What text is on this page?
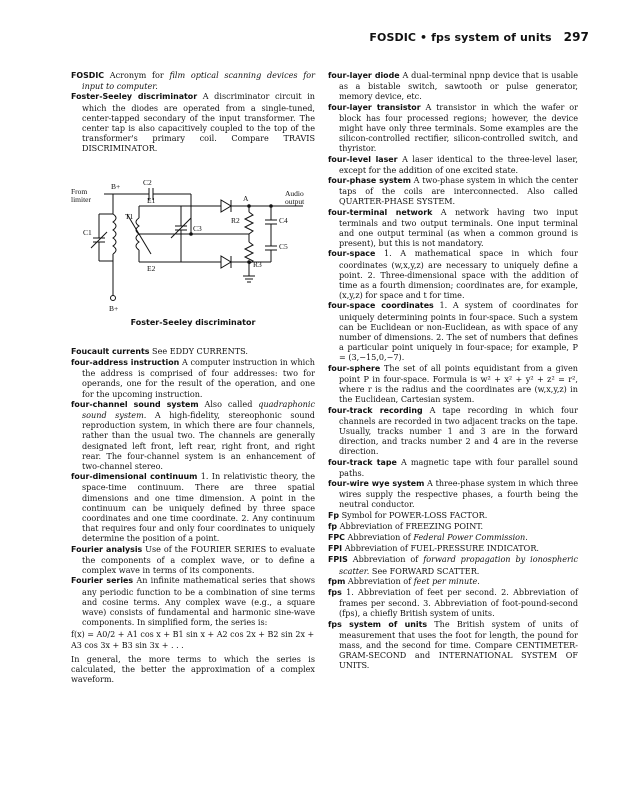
FOSDIC • fps system of units 297

FOSDIC Acronym for film optical scanning devices for input to computer.

Foster-Seeley discriminator A discriminator circuit in which the diodes are operated from a single-tuned, center-tapped secondary of the input transformer. The center tap is also capacitively coupled to the top of the transformer's primary coil. Compare TRAVIS DISCRIMINATOR.

From limiter
B+	C2
T1
E1
C1	C3
E2
B+
A
R2	C4
C5
R3
Audio output

Foster-Seeley discriminator

Foucault currents See EDDY CURRENTS.

four-address instruction A computer instruction in which the address is comprised of four addresses: two for operands, one for the result of the operation, and one for the upcoming instruction.

four-channel sound system Also called quadraphonic sound system. A high-fidelity, stereophonic sound reproduction system, in which there are four channels, rather than the usual two. The channels are generally designated left front, left rear, right front, and right rear. The four-channel system is an enhancement of two-channel stereo.

four-dimensional continuum 1. In relativistic theory, the space-time continuum. There are three spatial dimensions and one time dimension. A point in the continuum can be uniquely defined by three space coordinates and one time coordinate. 2. Any continuum that requires four and only four coordinates to uniquely determine the position of a point.

Fourier analysis Use of the FOURIER SERIES to evaluate the components of a complex wave, or to define a complex wave in terms of its components.

Fourier series An infinite mathematical series that shows any periodic function to be a combination of sine terms and cosine terms. Any complex wave (e.g., a square wave) consists of fundamental and harmonic sine-wave components. In simplified form, the series is:

f(x) = A0/2 + A1 cos x + B1 sin x + A2 cos 2x + B2 sin 2x + A3 cos 3x + B3 sin 3x + . . .

In general, the more terms to which the series is calculated, the better the approximation of a complex waveform.

four-layer diode A dual-terminal npnp device that is usable as a bistable switch, sawtooth or pulse generator, memory device, etc.

four-layer transistor A transistor in which the wafer or block has four processed regions; however, the device might have only three terminals. Some examples are the silicon-controlled rectifier, silicon-controlled switch, and thyristor.

four-level laser A laser identical to the three-level laser, except for the addition of one excited state.

four-phase system A two-phase system in which the center taps of the coils are interconnected. Also called QUARTER-PHASE SYSTEM.

four-terminal network A network having two input terminals and two output terminals. One input terminal and one output terminal (as when a common ground is present), but this is not mandatory.

four-space 1. A mathematical space in which four coordinates (w,x,y,z) are necessary to uniquely define a point. 2. Three-dimensional space with the addition of time as a fourth dimension; coordinates are, for example, (x,y,z) for space and t for time.

four-space coordinates 1. A system of coordinates for uniquely determining points in four-space. Such a system can be Euclidean or non-Euclidean, as with space of any number of dimensions. 2. The set of numbers that defines a particular point uniquely in four-space; for example, P = (3,−15,0,−7).

four-sphere The set of all points equidistant from a given point P in four-space. Formula is w² + x² + y² + z² = r², where r is the radius and the coordinates are (w,x,y,z) in the Euclidean, Cartesian system.

four-track recording A tape recording in which four channels are recorded in two adjacent tracks on the tape. Usually, tracks number 1 and 3 are in the forward direction, and tracks number 2 and 4 are in the reverse direction.

four-track tape A magnetic tape with four parallel sound paths.

four-wire wye system A three-phase system in which three wires supply the respective phases, a fourth being the neutral conductor.

Fp Symbol for POWER-LOSS FACTOR.

fp Abbreviation of FREEZING POINT.

FPC Abbreviation of Federal Power Commission.

FPI Abbreviation of FUEL-PRESSURE INDICATOR.

FPIS Abbreviation of forward propagation by ionospheric scatter. See FORWARD SCATTER.

fpm Abbreviation of feet per minute.

fps 1. Abbreviation of feet per second. 2. Abbreviation of frames per second. 3. Abbreviation of foot-pound-second (fps), a chiefly British system of units.

fps system of units The British system of units of measurement that uses the foot for length, the pound for mass, and the second for time. Compare CENTIMETER-GRAM-SECOND and INTERNATIONAL SYSTEM OF UNITS.
